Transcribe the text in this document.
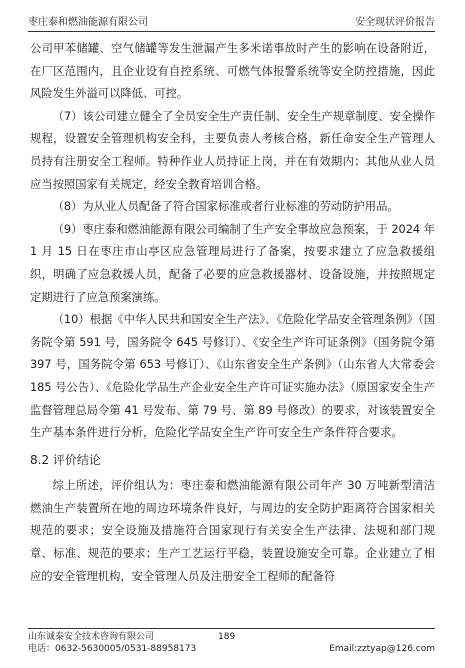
枣庄泰和燃油能源有限公司	安全现状评价报告

公司甲苯储罐、空气储罐等发生泄漏产生多米诺事故时产生的影响在设备附近，在厂区范围内，且企业设有自控系统、可燃气体报警系统等安全防控措施，因此风险发生外溢可以降低、可控。

（7）该公司建立健全了全员安全生产责任制、安全生产规章制度、安全操作规程，设置安全管理机构安全科，主要负责人考核合格，新任命安全生产管理人员持有注册安全工程师。特种作业人员持证上岗，并在有效期内；其他从业人员应当按照国家有关规定，经安全教育培训合格。

（8）为从业人员配备了符合国家标准或者行业标准的劳动防护用品。

（9）枣庄泰和燃油能源有限公司编制了生产安全事故应急预案，于 2024 年 1 月 15 日在枣庄市山亭区应急管理局进行了备案，按要求建立了应急救援组织，明确了应急救援人员，配备了必要的应急救援器材、设备设施，并按照规定定期进行了应急预案演练。

（10）根据《中华人民共和国安全生产法》、《危险化学品安全管理条例》（国务院令第 591 号，国务院令 645 号修订）、《安全生产许可证条例》（国务院令第 397 号，国务院令第 653 号修订）、《山东省安全生产条例》（山东省人大常委会 185 号公告）、《危险化学品生产企业安全生产许可证实施办法》（原国家安全生产监督管理总局令第 41 号发布、第 79 号、第 89 号修改）的要求，对该装置安全生产基本条件进行分析，危险化学品安全生产许可安全生产条件符合要求。

8.2 评价结论

综上所述，评价组认为：枣庄泰和燃油能源有限公司年产 30 万吨新型清洁燃油生产装置所在地的周边环境条件良好，与周边的安全防护距离符合国家相关规范的要求；安全设施及措施符合国家现行有关安全生产法律、法规和部门规章、标准、规范的要求；生产工艺运行平稳，装置设施安全可靠。企业建立了相应的安全管理机构，安全管理人员及注册安全工程师的配备符

山东诚泰安全技术咨询有限公司	189
电话：0632-5630005/0531-88958173	Email:zztyap@126.com
